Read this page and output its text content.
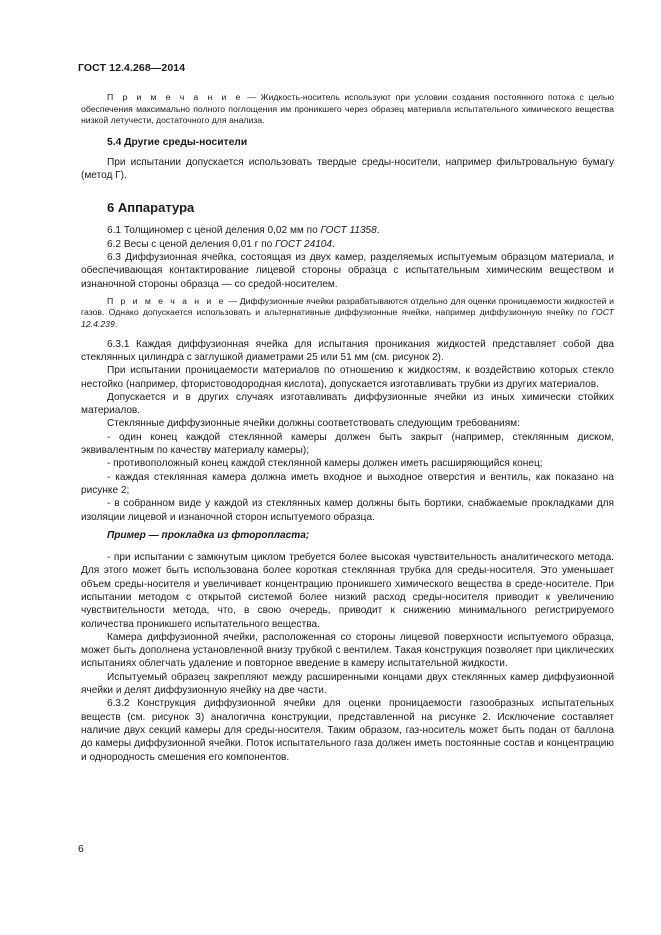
ГОСТ 12.4.268—2014

П р и м е ч а н и е — Жидкость-носитель используют при условии создания постоянного потока с целью обеспечения максимально полного поглощения им проникшего через образец материала испытательного химического вещества низкой летучести, достаточного для анализа.

5.4 Другие среды-носители

При испытании допускается использовать твердые среды-носители, например фильтровальную бумагу (метод Г).

6 Аппаратура

6.1 Толщиномер с ценой деления 0,02 мм по ГОСТ 11358.

6.2 Весы с ценой деления 0,01 г по ГОСТ 24104.

6.3 Диффузионная ячейка, состоящая из двух камер, разделяемых испытуемым образцом материала, и обеспечивающая контактирование лицевой стороны образца с испытательным химическим веществом и изнаночной стороны образца — со средой-носителем.

П р и м е ч а н и е — Диффузионные ячейки разрабатываются отдельно для оценки проницаемости жидкостей и газов. Однако допускается использовать и альтернативные диффузионные ячейки, например диффузионную ячейку по ГОСТ 12.4.239.

6.3.1 Каждая диффузионная ячейка для испытания проникания жидкостей представляет собой два стеклянных цилиндра с заглушкой диаметрами 25 или 51 мм (см. рисунок 2).

При испытании проницаемости материалов по отношению к жидкостям, к воздействию которых стекло нестойко (например, фтористоводородная кислота), допускается изготавливать трубки из других материалов.

Допускается и в других случаях изготавливать диффузионные ячейки из иных химически стойких материалов.

Стеклянные диффузионные ячейки должны соответствовать следующим требованиям:

- один конец каждой стеклянной камеры должен быть закрыт (например, стеклянным диском, эквивалентным по качеству материалу камеры);

- противоположный конец каждой стеклянной камеры должен иметь расширяющийся конец;

- каждая стеклянная камера должна иметь входное и выходное отверстия и вентиль, как показано на рисунке 2;

- в собранном виде у каждой из стеклянных камер должны быть бортики, снабжаемые прокладками для изоляции лицевой и изнаночной сторон испытуемого образца.

Пример — прокладка из фторопласта;

- при испытании с замкнутым циклом требуется более высокая чувствительность аналитического метода. Для этого может быть использована более короткая стеклянная трубка для среды-носителя. Это уменьшает объем среды-носителя и увеличивает концентрацию проникшего химического вещества в среде-носителе. При испытании методом с открытой системой более низкий расход среды-носителя приводит к увеличению чувствительности метода, что, в свою очередь, приводит к снижению минимального регистрируемого количества проникшего испытательного вещества.

Камера диффузионной ячейки, расположенная со стороны лицевой поверхности испытуемого образца, может быть дополнена установленной внизу трубкой с вентилем. Такая конструкция позволяет при циклических испытаниях облегчать удаление и повторное введение в камеру испытательной жидкости.

Испытуемый образец закрепляют между расширенными концами двух стеклянных камер диффузионной ячейки и делят диффузионную ячейку на две части.

6.3.2 Конструкция диффузионной ячейки для оценки проницаемости газообразных испытательных веществ (см. рисунок 3) аналогична конструкции, представленной на рисунке 2. Исключение составляет наличие двух секций камеры для среды-носителя. Таким образом, газ-носитель может быть подан от баллона до камеры диффузионной ячейки. Поток испытательного газа должен иметь постоянные состав и концентрацию и однородность смешения его компонентов.

6
